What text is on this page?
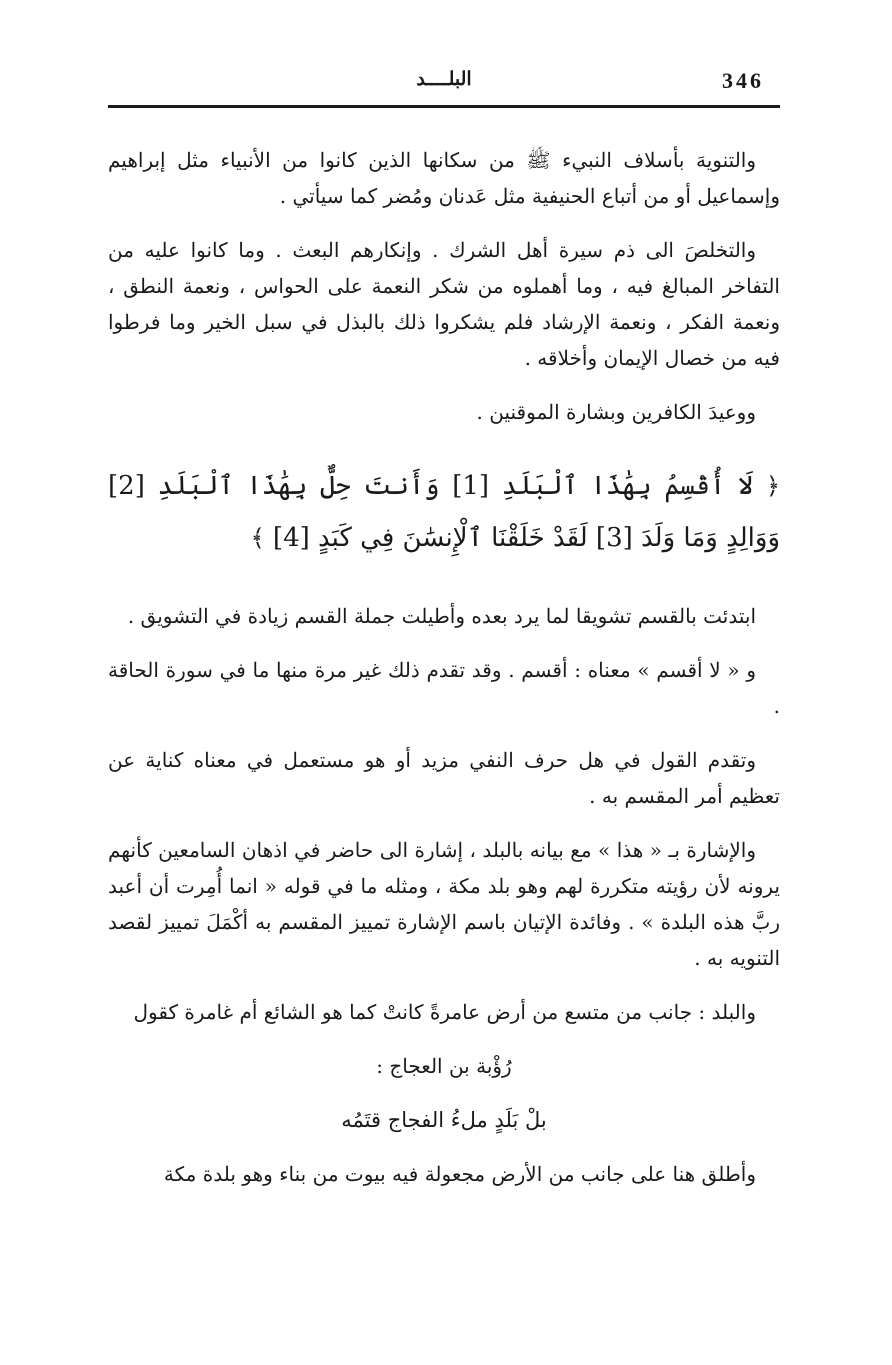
البلــــد	346

والتنويهَ بأسلاف النبيء ﷺ من سكانها الذين كانوا من الأنبياء مثل إبراهيم وإسماعيل أو من أتباع الحنيفية مثل عَدنان ومُضر كما سيأتي .

والتخلصَ الى ذم سيرة أهل الشرك . وإنكارهم البعث . وما كانوا عليه من التفاخر المبالغ فيه ، وما أهملوه من شكر النعمة على الحواس ، ونعمة النطق ، ونعمة الفكر ، ونعمة الإرشاد فلم يشكروا ذلك بالبذل في سبل الخير وما فرطوا فيه من خصال الإيمان وأخلاقه .

ووعيدَ الكافرين وبشارة الموقنين .

﴿ لَا أُقْسِمُ بِهَٰذَا ٱلْبَلَدِ [1] وَأَنتَ حِلٌّ بِهَٰذَا ٱلْبَلَدِ [2] وَوَالِدٍ وَمَا وَلَدَ [3] لَقَدْ خَلَقْنَا ٱلْإِنسَٰنَ فِي كَبَدٍ [4] ﴾

ابتدئت بالقسم تشويقا لما يرد بعده وأطيلت جملة القسم زيادة في التشويق .

و « لا أقسم » معناه : أقسم . وقد تقدم ذلك غير مرة منها ما في سورة الحاقة .

وتقدم القول في هل حرف النفي مزيد أو هو مستعمل في معناه كناية عن تعظيم أمر المقسم به .

والإشارة بـ « هذا » مع بيانه بالبلد ، إشارة الى حاضر في اذهان السامعين كأنهم يرونه لأن رؤيته متكررة لهم وهو بلد مكة ، ومثله ما في قوله « انما أُمِرت أن أعبد ربَّ هذه البلدة » . وفائدة الإتيان باسم الإشارة تمييز المقسم به أكْمَلَ تمييز لقصد التنويه به .

والبلد : جانب من متسع من أرض عامرةً كانتْ كما هو الشائع أم غامرة كقول

رُؤْبة بن العجاج :

بلْ بَلَدٍ ملءُ الفجاج قتَمُه

وأطلق هنا على جانب من الأرض مجعولة فيه بيوت من بناء وهو بلدة مكة
